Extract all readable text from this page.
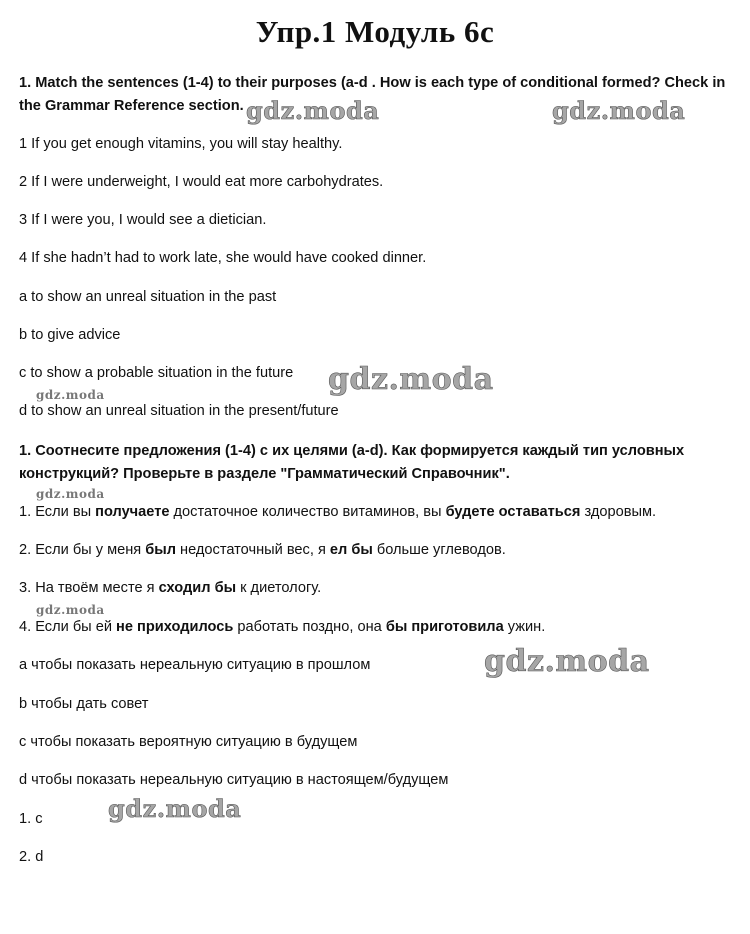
Упр.1 Модуль 6c
1. Match the sentences (1-4) to their purposes (a-d . How is each type of conditional formed? Check in
the Grammar Reference section.
1 If you get enough vitamins, you will stay healthy.
2 If I were underweight, I would eat more carbohydrates.
3 If I were you, I would see a dietician.
4 If she hadn’t had to work late, she would have cooked dinner.
a to show an unreal situation in the past
b to give advice
c to show a probable situation in the future
d to show an unreal situation in the present/future
1. Соотнесите предложения (1-4) с их целями (a-d). Как формируется каждый тип условных
конструкций? Проверьте в разделе "Грамматический Справочник".
1. Если вы получаете достаточное количество витаминов, вы будете оставаться здоровым.
2. Если бы у меня был недостаточный вес, я ел бы больше углеводов.
3. На твоём месте я сходил бы к диетологу.
4. Если бы ей не приходилось работать поздно, она бы приготовила ужин.
a чтобы показать нереальную ситуацию в прошлом
b чтобы дать совет
c чтобы показать вероятную ситуацию в будущем
d чтобы показать нереальную ситуацию в настоящем/будущем
1. c
2. d
gdz.moda	gdz.moda
gdz.moda
gdz.moda
gdz.moda
gdz.moda
gdz.moda
gdz.moda
